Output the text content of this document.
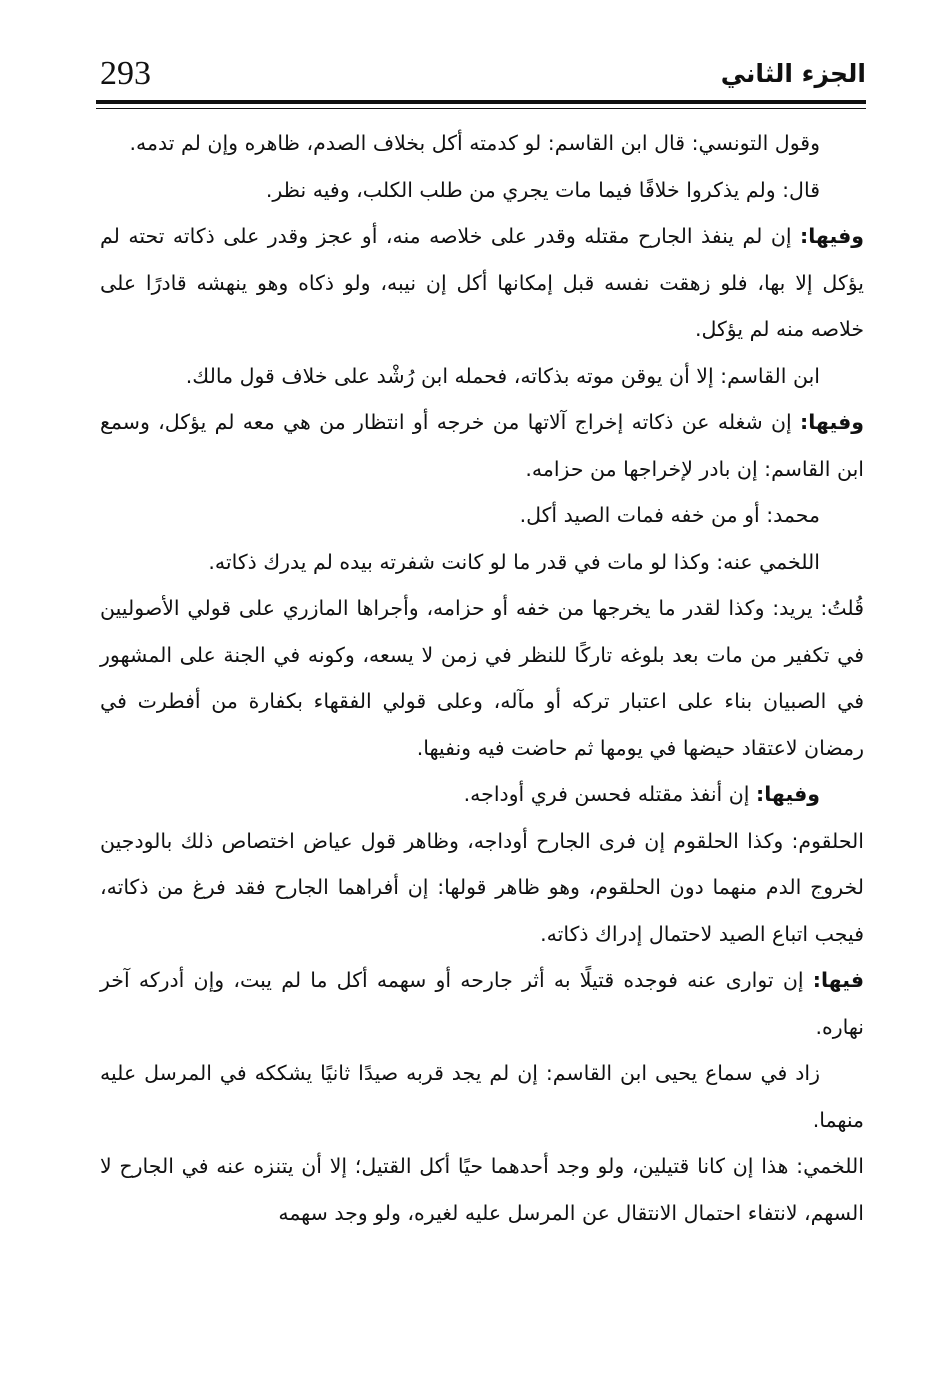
293	الجزء الثاني

وقول التونسي: قال ابن القاسم: لو كدمته أكل بخلاف الصدم، ظاهره وإن لم تدمه.

قال: ولم يذكروا خلافًا فيما مات يجري من طلب الكلب، وفيه نظر.

وفيها: إن لم ينفذ الجارح مقتله وقدر على خلاصه منه، أو عجز وقدر على ذكاته تحته لم يؤكل إلا بها، فلو زهقت نفسه قبل إمكانها أكل إن نيبه، ولو ذكاه وهو ينهشه قادرًا على خلاصه منه لم يؤكل.

ابن القاسم: إلا أن يوقن موته بذكاته، فحمله ابن رُشْد على خلاف قول مالك.

وفيها: إن شغله عن ذكاته إخراج آلاتها من خرجه أو انتظار من هي معه لم يؤكل، وسمع ابن القاسم: إن بادر لإخراجها من حزامه.

محمد: أو من خفه فمات الصيد أكل.

اللخمي عنه: وكذا لو مات في قدر ما لو كانت شفرته بيده لم يدرك ذكاته.

قُلتُ: يريد: وكذا لقدر ما يخرجها من خفه أو حزامه، وأجراها المازري على قولي الأصوليين في تكفير من مات بعد بلوغه تاركًا للنظر في زمن لا يسعه، وكونه في الجنة على المشهور في الصبيان بناء على اعتبار تركه أو مآله، وعلى قولي الفقهاء بكفارة من أفطرت في رمضان لاعتقاد حيضها في يومها ثم حاضت فيه ونفيها.

وفيها: إن أنفذ مقتله فحسن فري أوداجه.

الحلقوم: وكذا الحلقوم إن فرى الجارح أوداجه، وظاهر قول عياض اختصاص ذلك بالودجين لخروج الدم منهما دون الحلقوم، وهو ظاهر قولها: إن أفراهما الجارح فقد فرغ من ذكاته، فيجب اتباع الصيد لاحتمال إدراك ذكاته.

فيها: إن توارى عنه فوجده قتيلًا به أثر جارحه أو سهمه أكل ما لم يبت، وإن أدركه آخر نهاره.

زاد في سماع يحيى ابن القاسم: إن لم يجد قربه صيدًا ثانيًا يشككه في المرسل عليه منهما.

اللخمي: هذا إن كانا قتيلين، ولو وجد أحدهما حيًا أكل القتيل؛ إلا أن يتنزه عنه في الجارح لا السهم، لانتفاء احتمال الانتقال عن المرسل عليه لغيره، ولو وجد سهمه
